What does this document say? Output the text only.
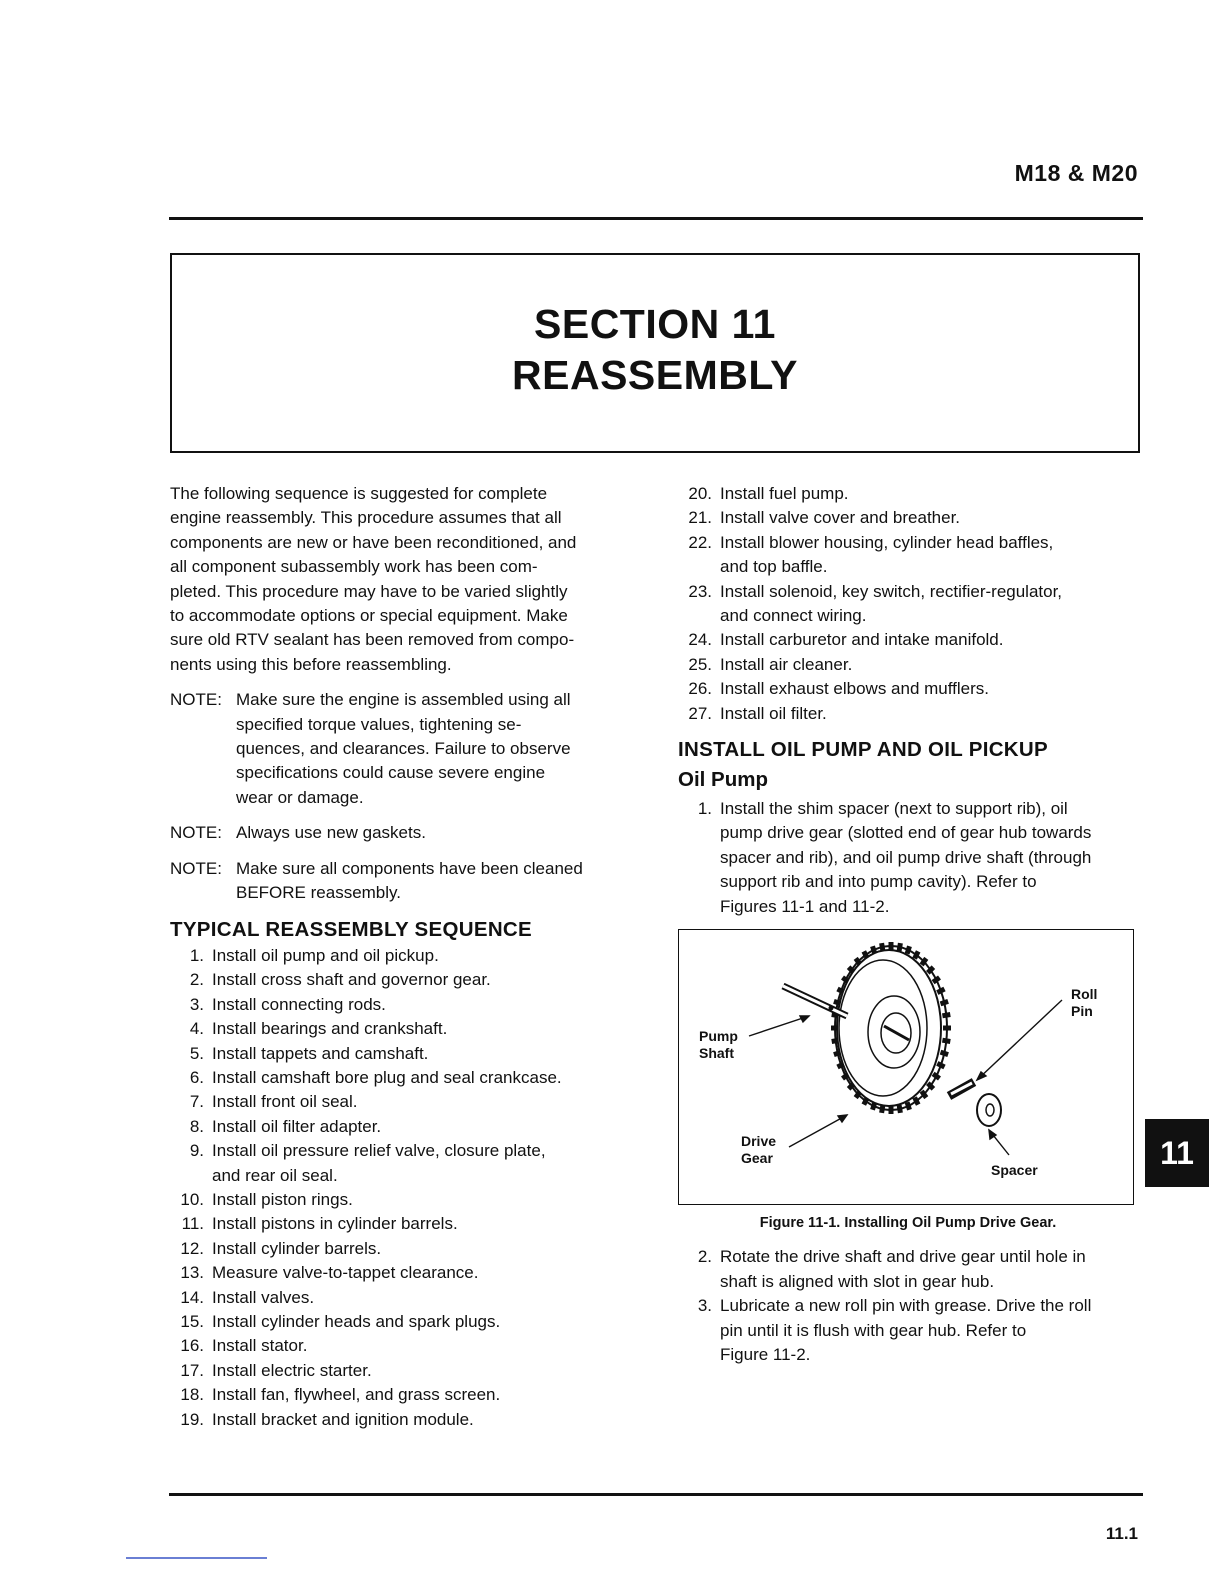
M18 & M20
SECTION 11
REASSEMBLY

The following sequence is suggested for complete
engine reassembly. This procedure assumes that all
components are new or have been reconditioned, and
all component subassembly work has been com-
pleted. This procedure may have to be varied slightly
to accommodate options or special equipment. Make
sure old RTV sealant has been removed from compo-
nents using this before reassembling.

NOTE: Make sure the engine is assembled using all
specified torque values, tightening se-
quences, and clearances. Failure to observe
specifications could cause severe engine
wear or damage.
NOTE: Always use new gaskets.
NOTE: Make sure all components have been cleaned
BEFORE reassembly.
TYPICAL REASSEMBLY SEQUENCE
1. Install oil pump and oil pickup.
2. Install cross shaft and governor gear.
3. Install connecting rods.
4. Install bearings and crankshaft.
5. Install tappets and camshaft.
6. Install camshaft bore plug and seal crankcase.
7. Install front oil seal.
8. Install oil filter adapter.
9. Install oil pressure relief valve, closure plate,
and rear oil seal.
10. Install piston rings.
11. Install pistons in cylinder barrels.
12. Install cylinder barrels.
13. Measure valve-to-tappet clearance.
14. Install valves.
15. Install cylinder heads and spark plugs.
16. Install stator.
17. Install electric starter.
18. Install fan, flywheel, and grass screen.
19. Install bracket and ignition module.
20. Install fuel pump.
21. Install valve cover and breather.
22. Install blower housing, cylinder head baffles,
and top baffle.
23. Install solenoid, key switch, rectifier-regulator,
and connect wiring.
24. Install carburetor and intake manifold.
25. Install air cleaner.
26. Install exhaust elbows and mufflers.
27. Install oil filter.
INSTALL OIL PUMP AND OIL PICKUP
Oil Pump
1. Install the shim spacer (next to support rib), oil
pump drive gear (slotted end of gear hub towards
spacer and rib), and oil pump drive shaft (through
support rib and into pump cavity). Refer to
Figures 11-1 and 11-2.
Pump
Shaft
Drive
Gear
Roll
Pin
Spacer
Figure 11-1. Installing Oil Pump Drive Gear.
2. Rotate the drive shaft and drive gear until hole in
shaft is aligned with slot in gear hub.
3. Lubricate a new roll pin with grease. Drive the roll
pin until it is flush with gear hub. Refer to
Figure 11-2.
11
11.1
